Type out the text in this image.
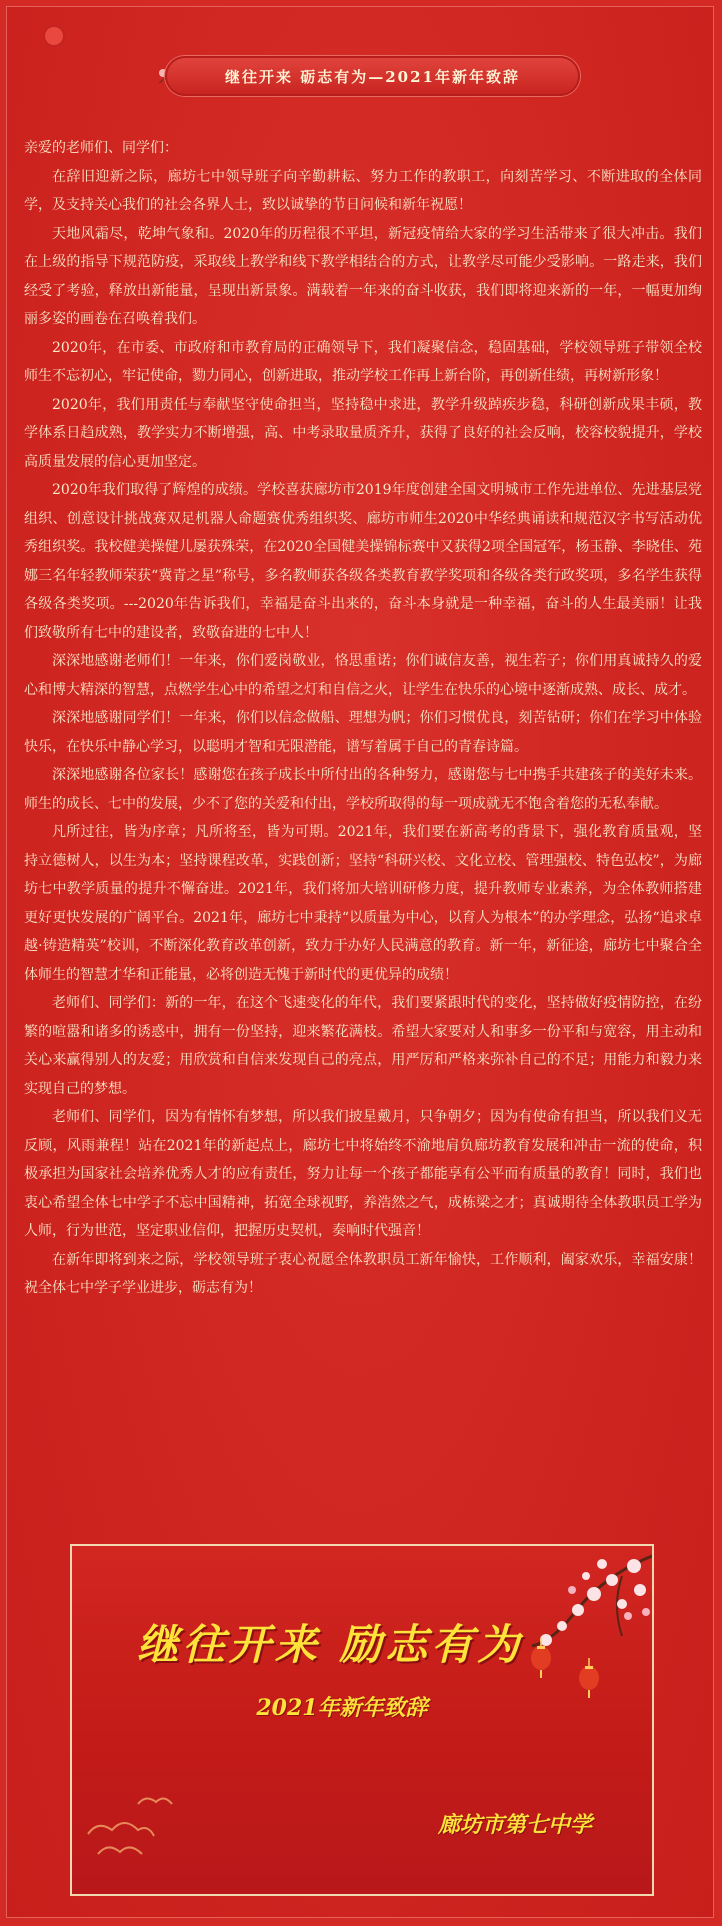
继往开来 砺志有为—2021年新年致辞

亲爱的老师们、同学们：

在辞旧迎新之际，廊坊七中领导班子向辛勤耕耘、努力工作的教职工，向刻苦学习、不断进取的全体同学，及支持关心我们的社会各界人士，致以诚挚的节日问候和新年祝愿！

天地风霜尽，乾坤气象和。2020年的历程很不平坦，新冠疫情给大家的学习生活带来了很大冲击。我们在上级的指导下规范防疫，采取线上教学和线下教学相结合的方式，让教学尽可能少受影响。一路走来，我们经受了考验，释放出新能量，呈现出新景象。满载着一年来的奋斗收获，我们即将迎来新的一年，一幅更加绚丽多姿的画卷在召唤着我们。

2020年，在市委、市政府和市教育局的正确领导下，我们凝聚信念，稳固基础，学校领导班子带领全校师生不忘初心，牢记使命，勠力同心，创新进取，推动学校工作再上新台阶，再创新佳绩，再树新形象！

2020年，我们用责任与奉献坚守使命担当，坚持稳中求进，教学升级踔疾步稳，科研创新成果丰硕，教学体系日趋成熟，教学实力不断增强，高、中考录取量质齐升，获得了良好的社会反响，校容校貌提升，学校高质量发展的信心更加坚定。

2020年我们取得了辉煌的成绩。学校喜获廊坊市2019年度创建全国文明城市工作先进单位、先进基层党组织、创意设计挑战赛双足机器人命题赛优秀组织奖、廊坊市师生2020中华经典诵读和规范汉字书写活动优秀组织奖。我校健美操健儿屡获殊荣，在2020全国健美操锦标赛中又获得2项全国冠军，杨玉静、李晓佳、苑娜三名年轻教师荣获“冀青之星”称号，多名教师获各级各类教育教学奖项和各级各类行政奖项，多名学生获得各级各类奖项。---2020年告诉我们，幸福是奋斗出来的，奋斗本身就是一种幸福，奋斗的人生最美丽！让我们致敬所有七中的建设者，致敬奋进的七中人！

深深地感谢老师们！一年来，你们爱岗敬业，恪思重诺；你们诚信友善，视生若子；你们用真诚持久的爱心和博大精深的智慧，点燃学生心中的希望之灯和自信之火，让学生在快乐的心境中逐渐成熟、成长、成才。

深深地感谢同学们！一年来，你们以信念做船、理想为帆；你们习惯优良，刻苦钻研；你们在学习中体验快乐，在快乐中静心学习，以聪明才智和无限潜能，谱写着属于自己的青春诗篇。

深深地感谢各位家长！感谢您在孩子成长中所付出的各种努力，感谢您与七中携手共建孩子的美好未来。师生的成长、七中的发展，少不了您的关爱和付出，学校所取得的每一项成就无不饱含着您的无私奉献。

凡所过往，皆为序章；凡所将至，皆为可期。2021年，我们要在新高考的背景下，强化教育质量观，坚持立德树人，以生为本；坚持课程改革，实践创新；坚持“科研兴校、文化立校、管理强校、特色弘校”，为廊坊七中教学质量的提升不懈奋进。2021年，我们将加大培训研修力度，提升教师专业素养，为全体教师搭建更好更快发展的广阔平台。2021年，廊坊七中秉持“以质量为中心，以育人为根本”的办学理念，弘扬“追求卓越·铸造精英”校训，不断深化教育改革创新，致力于办好人民满意的教育。新一年，新征途，廊坊七中聚合全体师生的智慧才华和正能量，必将创造无愧于新时代的更优异的成绩！

老师们、同学们：新的一年，在这个飞速变化的年代，我们要紧跟时代的变化，坚持做好疫情防控，在纷繁的喧嚣和诸多的诱惑中，拥有一份坚持，迎来繁花满枝。希望大家要对人和事多一份平和与宽容，用主动和关心来赢得别人的友爱；用欣赏和自信来发现自己的亮点，用严厉和严格来弥补自己的不足；用能力和毅力来实现自己的梦想。

老师们、同学们，因为有情怀有梦想，所以我们披星戴月，只争朝夕；因为有使命有担当，所以我们义无反顾，风雨兼程！站在2021年的新起点上，廊坊七中将始终不渝地肩负廊坊教育发展和冲击一流的使命，积极承担为国家社会培养优秀人才的应有责任，努力让每一个孩子都能享有公平而有质量的教育！同时，我们也衷心希望全体七中学子不忘中国精神，拓宽全球视野，养浩然之气，成栋梁之才；真诚期待全体教职员工学为人师，行为世范，坚定职业信仰，把握历史契机，奏响时代强音！

在新年即将到来之际，学校领导班子衷心祝愿全体教职员工新年愉快，工作顺利，阖家欢乐，幸福安康！祝全体七中学子学业进步，砺志有为！

继往开来 励志有为
2021年新年致辞
廊坊市第七中学
